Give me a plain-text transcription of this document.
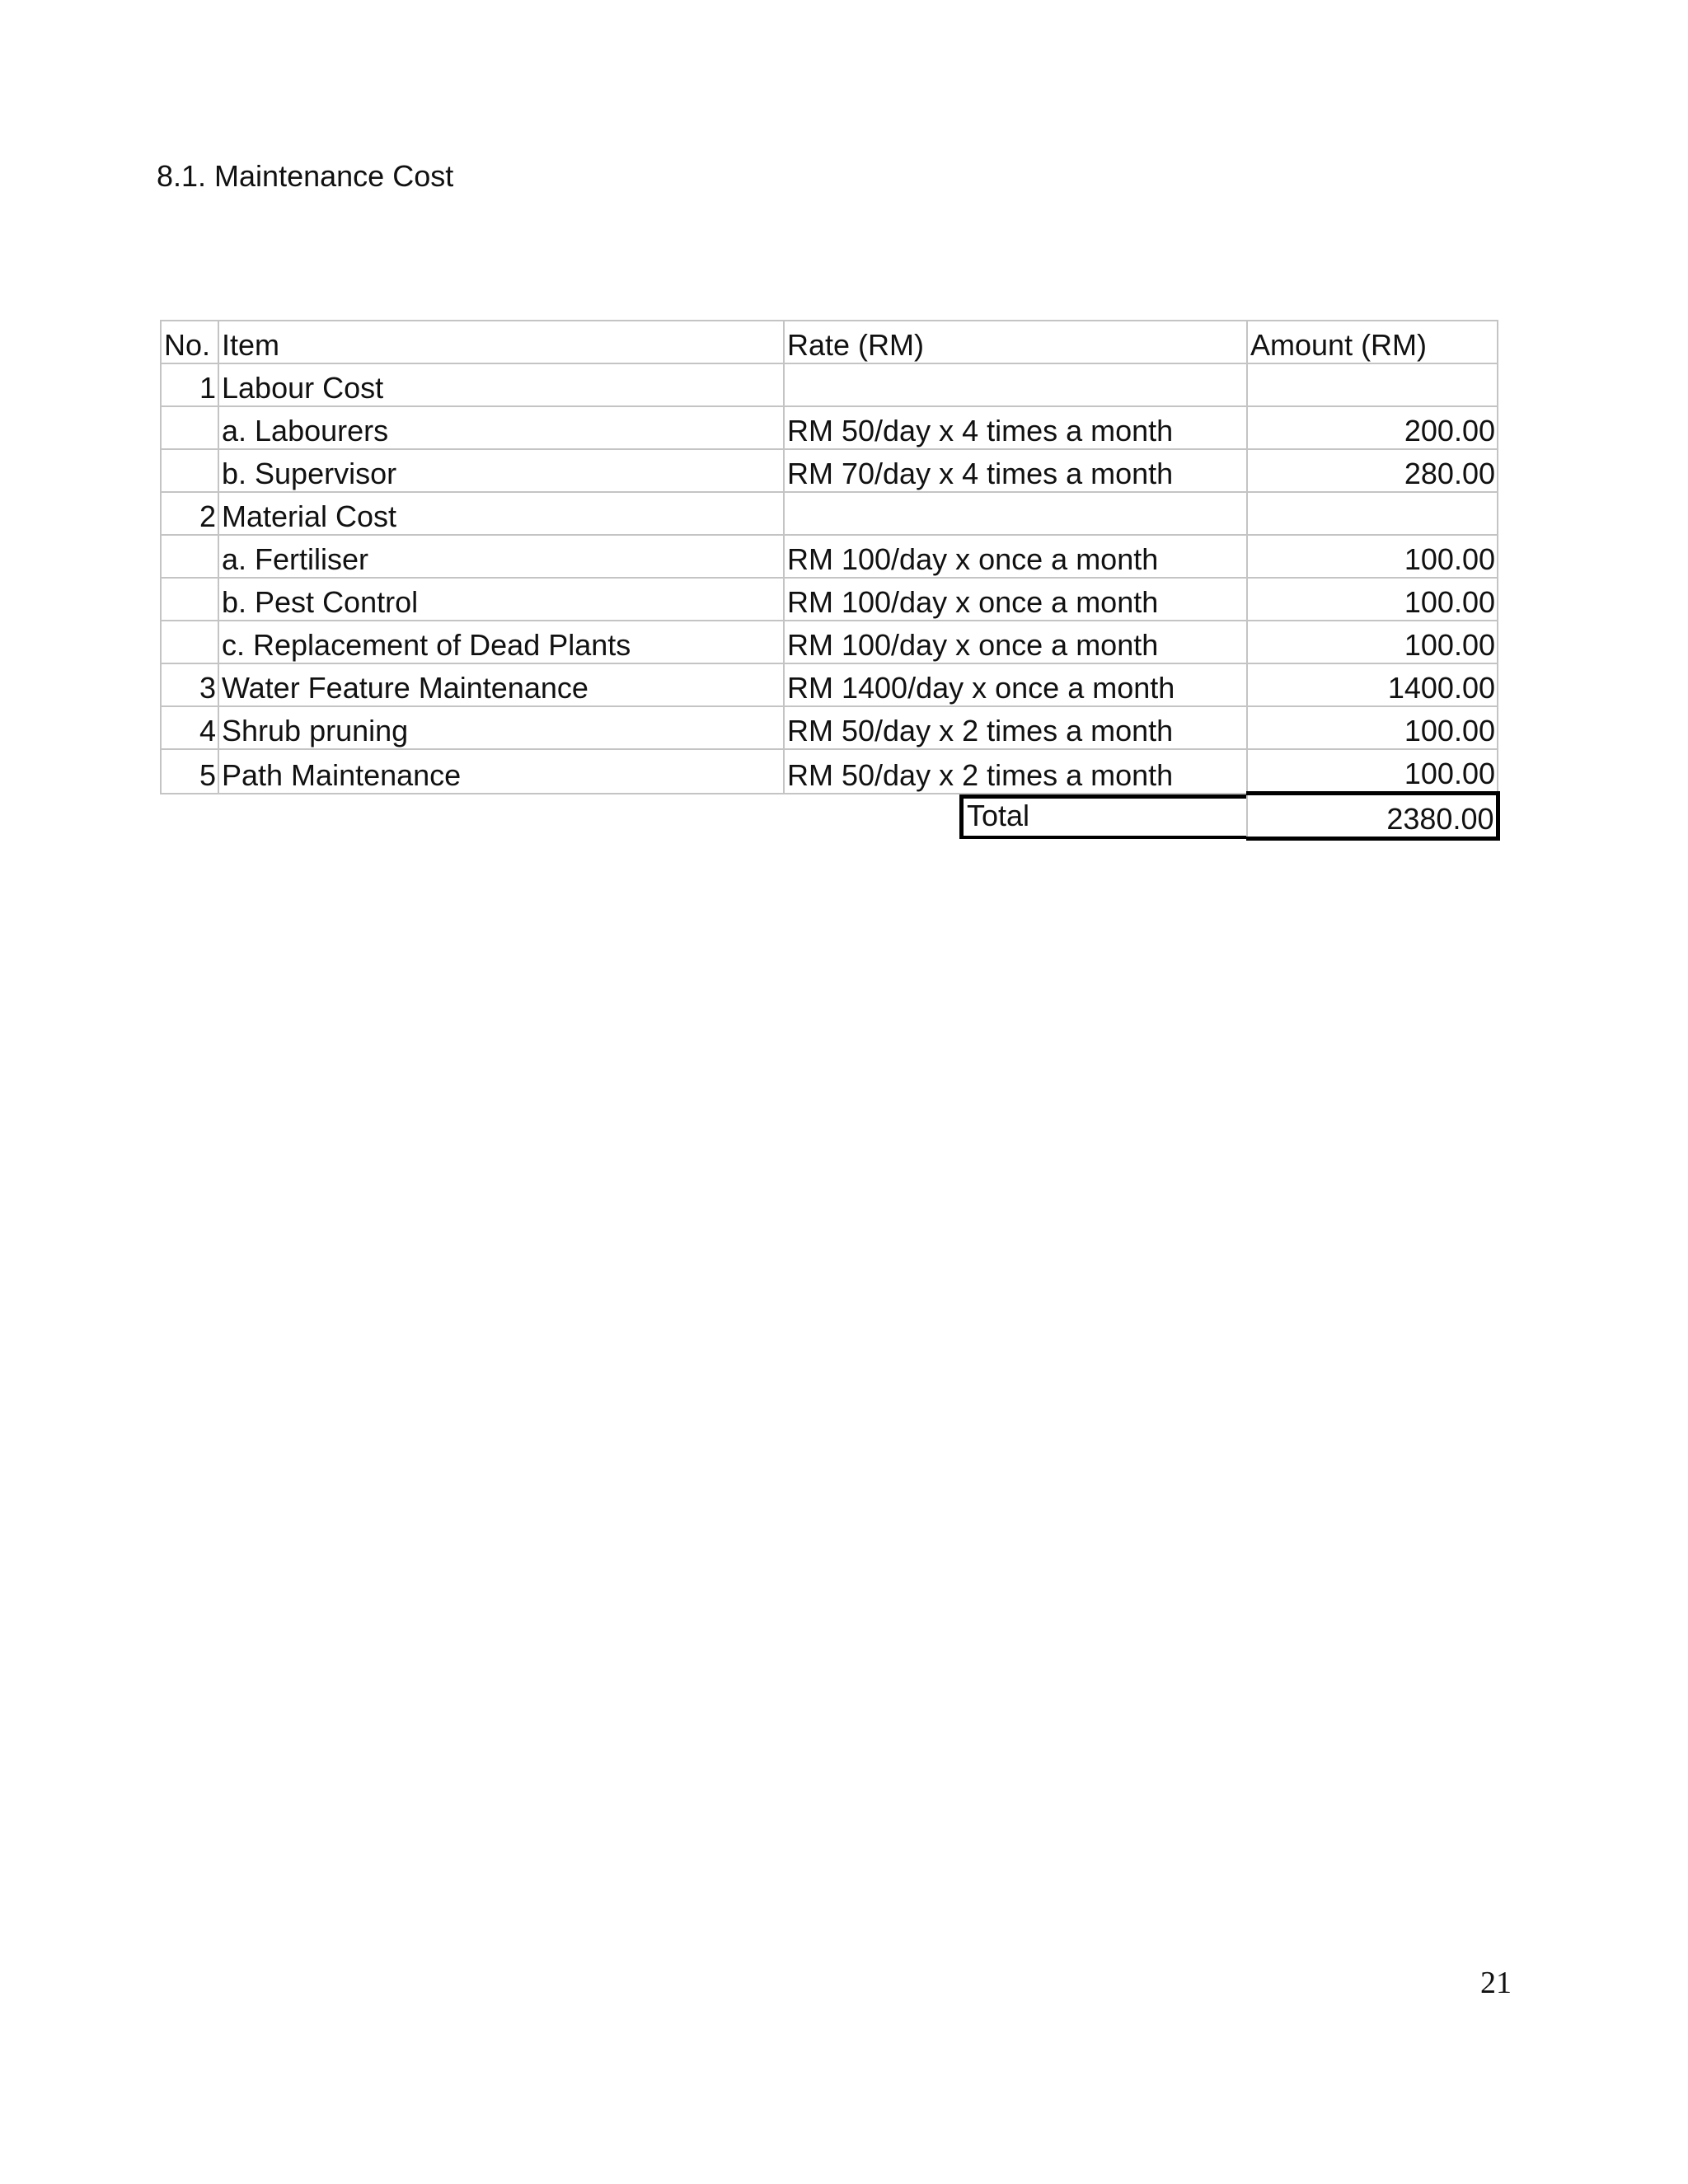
8.1. Maintenance Cost
No.	Item	Rate (RM)	Amount (RM)
1	Labour Cost		
	a. Labourers	RM 50/day x 4 times a month	200.00
	b. Supervisor	RM 70/day x 4 times a month	280.00
2	Material Cost		
	a. Fertiliser	RM 100/day x once a month	100.00
	b. Pest Control	RM 100/day x once a month	100.00
	c. Replacement of Dead Plants	RM 100/day x once a month	100.00
3	Water Feature Maintenance	RM 1400/day x once a month	1400.00
4	Shrub pruning	RM 50/day x 2 times a month	100.00
5	Path Maintenance	RM 50/day x 2 times a month	100.00

		Total	2380.00
21
